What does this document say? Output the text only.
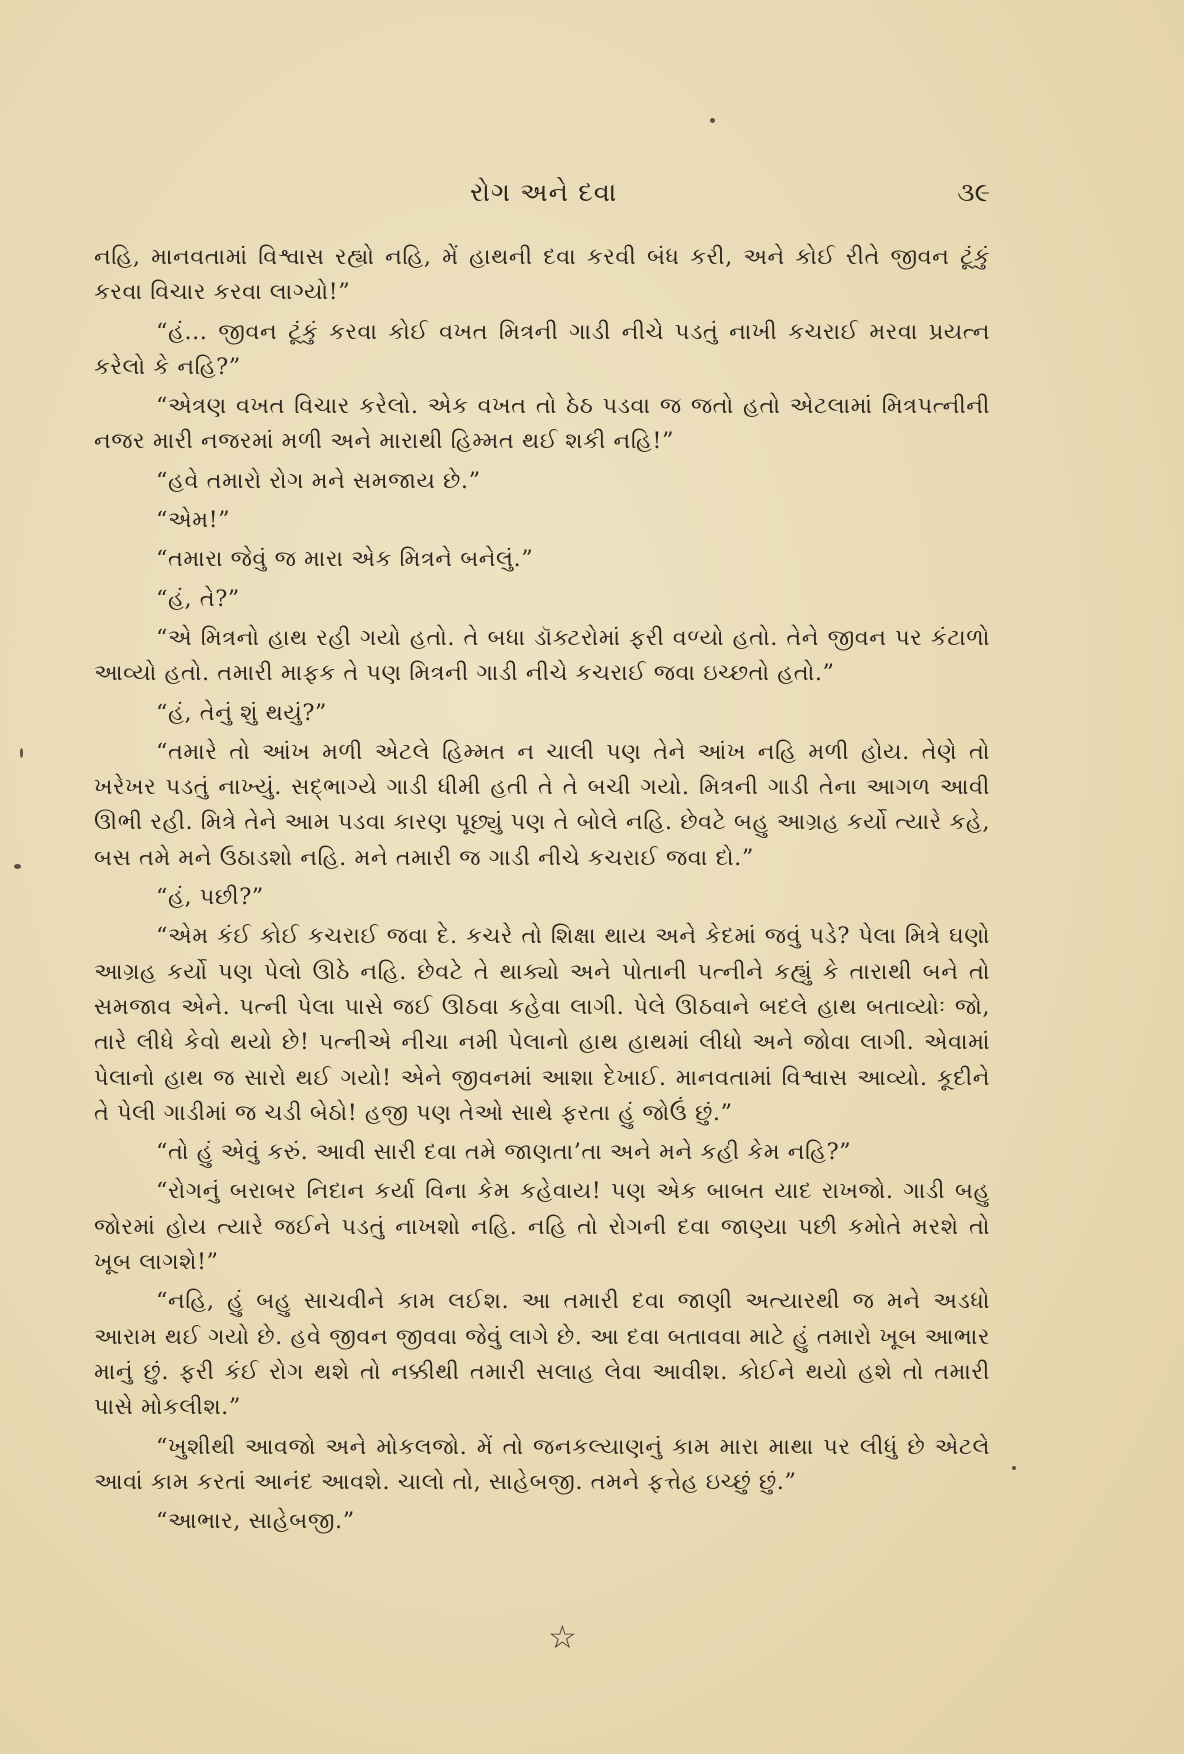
રોગ અને દવા	૩૯

નહિ, માનવતામાં વિશ્વાસ રહ્યો નહિ, મેં હાથની દવા કરવી બંધ કરી, અને કોઈ રીતે જીવન ટૂંકું કરવા વિચાર કરવા લાગ્યો!”

“હં... જીવન ટૂંકું કરવા કોઈ વખત મિત્રની ગાડી નીચે પડતું નાખી કચરાઈ મરવા પ્રયત્ન કરેલો કે નહિ?”

“એત્રણ વખત વિચાર કરેલો. એક વખત તો ઠેઠ પડવા જ જતો હતો એટલામાં મિત્રપત્નીની નજર મારી નજરમાં મળી અને મારાથી હિમ્મત થઈ શકી નહિ!”

“હવે તમારો રોગ મને સમજાય છે.”

“એમ!”

“તમારા જેવું જ મારા એક મિત્રને બનેલું.”

“હં, તે?”

“એ મિત્રનો હાથ રહી ગયો હતો. તે બધા ડૉક્ટરોમાં ફરી વળ્યો હતો. તેને જીવન પર કંટાળો આવ્યો હતો. તમારી માફક તે પણ મિત્રની ગાડી નીચે કચરાઈ જવા ઇચ્છતો હતો.”

“હં, તેનું શું થયું?”

“તમારે તો આંખ મળી એટલે હિમ્મત ન ચાલી પણ તેને આંખ નહિ મળી હોય. તેણે તો ખરેખર પડતું નાખ્યું. સદ્‌ભાગ્યે ગાડી ધીમી હતી તે તે બચી ગયો. મિત્રની ગાડી તેના આગળ આવી ઊભી રહી. મિત્રે તેને આમ પડવા કારણ પૂછ્યું પણ તે બોલે નહિ. છેવટે બહુ આગ્રહ કર્યો ત્યારે કહે, બસ તમે મને ઉઠાડશો નહિ. મને તમારી જ ગાડી નીચે કચરાઈ જવા દો.”

“હં, પછી?”

“એમ કંઈ કોઈ કચરાઈ જવા દે. કચરે તો શિક્ષા થાય અને કેદમાં જવું પડે? પેલા મિત્રે ઘણો આગ્રહ કર્યો પણ પેલો ઊઠે નહિ. છેવટે તે થાક્યો અને પોતાની પત્નીને કહ્યું કે તારાથી બને તો સમજાવ એને. પત્ની પેલા પાસે જઈ ઊઠવા કહેવા લાગી. પેલે ઊઠવાને બદલે હાથ બતાવ્યોઃ જો, તારે લીધે કેવો થયો છે! પત્નીએ નીચા નમી પેલાનો હાથ હાથમાં લીધો અને જોવા લાગી. એવામાં પેલાનો હાથ જ સારો થઈ ગયો! એને જીવનમાં આશા દેખાઈ. માનવતામાં વિશ્વાસ આવ્યો. કૂદીને તે પેલી ગાડીમાં જ ચડી બેઠો! હજી પણ તેઓ સાથે ફરતા હું જોઉં છું.”

“તો હું એવું કરું. આવી સારી દવા તમે જાણતા’તા અને મને કહી કેમ નહિ?”

“રોગનું બરાબર નિદાન કર્યા વિના કેમ કહેવાય! પણ એક બાબત યાદ રાખજો. ગાડી બહુ જોરમાં હોય ત્યારે જઈને પડતું નાખશો નહિ. નહિ તો રોગની દવા જાણ્યા પછી કમોતે મરશે તો ખૂબ લાગશે!”

“નહિ, હું બહુ સાચવીને કામ લઈશ. આ તમારી દવા જાણી અત્યારથી જ મને અડધો આરામ થઈ ગયો છે. હવે જીવન જીવવા જેવું લાગે છે. આ દવા બતાવવા માટે હું તમારો ખૂબ આભાર માનું છું. ફરી કંઈ રોગ થશે તો નક્કીથી તમારી સલાહ લેવા આવીશ. કોઈને થયો હશે તો તમારી પાસે મોકલીશ.”

“ખુશીથી આવજો અને મોકલજો. મેં તો જનકલ્યાણનું કામ મારા માથા પર લીધું છે એટલે આવાં કામ કરતાં આનંદ આવશે. ચાલો તો, સાહેબજી. તમને ફત્તેહ ઇચ્છું છું.”

“આભાર, સાહેબજી.”

☆
